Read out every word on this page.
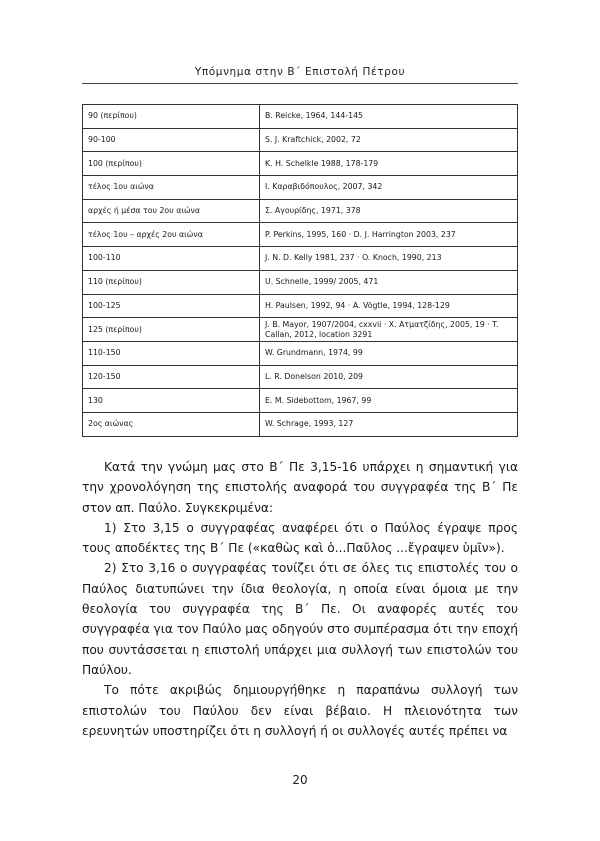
Υπόμνημα στην Β΄ Επιστολή Πέτρου
90 (περίπου)	B. Reicke, 1964, 144-145
90-100	S. J. Kraftchick, 2002, 72
100 (περίπου)	K. H. Schelkle 1988, 178-179
τέλος 1ου αιώνα	Ι. Καραβιδόπουλος, 2007, 342
αρχές ή μέσα του 2ου αιώνα	Σ. Αγουρίδης, 1971, 378
τέλος 1ου – αρχές 2ου αιώνα	P. Perkins, 1995, 160 · D. J. Harrington 2003, 237
100-110	J. N. D. Kelly 1981, 237 · O. Knoch, 1990, 213
110 (περίπου)	U. Schnelle, 1999/ 2005, 471
100-125	H. Paulsen, 1992, 94 · A. Vögtle, 1994, 128-129
125 (περίπου)	J. B. Mayor, 1907/2004, cxxvii · Χ. Ατματζίδης, 2005, 19 · T. Callan, 2012, location 3291
110-150	W. Grundmann, 1974, 99
120-150	L. R. Donelson 2010, 209
130	E. M. Sidebottom, 1967, 99
2ος αιώνας	W. Schrage, 1993, 127

Κατά την γνώμη μας στο Β΄ Πε 3,15-16 υπάρχει η σημαντική για την χρονολόγηση της επιστολής αναφορά του συγγραφέα της Β΄ Πε στον απ. Παύλο. Συγκεκριμένα:

1) Στο 3,15 ο συγγραφέας αναφέρει ότι ο Παύλος έγραψε προς τους αποδέκτες της Β΄ Πε («καθὼς καὶ ὁ...Παῦλος ...ἔγραψεν ὑμῖν»).

2) Στο 3,16 ο συγγραφέας τονίζει ότι σε όλες τις επιστολές του ο Παύλος διατυπώνει την ίδια θεολογία, η οποία είναι όμοια με την θεολογία του συγγραφέα της Β΄ Πε. Οι αναφορές αυτές του συγγραφέα για τον Παύλο μας οδηγούν στο συμπέρασμα ότι την εποχή που συντάσσεται η επιστολή υπάρχει μια συλλογή των επιστολών του Παύλου.

Το πότε ακριβώς δημιουργήθηκε η παραπάνω συλλογή των επιστολών του Παύλου δεν είναι βέβαιο. Η πλειονότητα των ερευνητών υποστηρίζει ότι η συλλογή ή οι συλλογές αυτές πρέπει να

20
